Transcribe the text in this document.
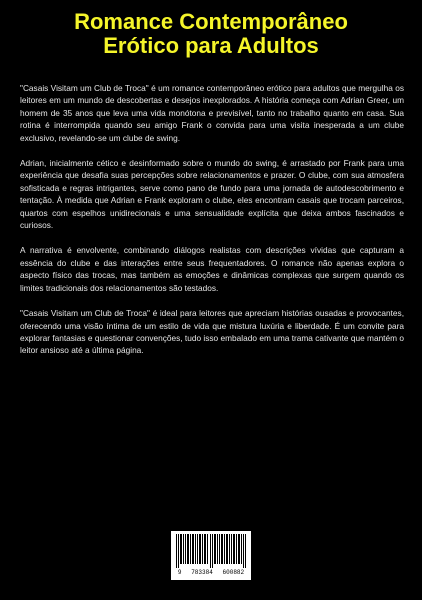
Romance Contemporâneo
Erótico para Adultos

"Casais Visitam um Club de Troca" é um romance contemporâneo erótico para adultos que mergulha os leitores em um mundo de descobertas e desejos inexplorados. A história começa com Adrian Greer, um homem de 35 anos que leva uma vida monótona e previsível, tanto no trabalho quanto em casa. Sua rotina é interrompida quando seu amigo Frank o convida para uma visita inesperada a um clube exclusivo, revelando-se um clube de swing.

Adrian, inicialmente cético e desinformado sobre o mundo do swing, é arrastado por Frank para uma experiência que desafia suas percepções sobre relacionamentos e prazer. O clube, com sua atmosfera sofisticada e regras intrigantes, serve como pano de fundo para uma jornada de autodescobrimento e tentação. À medida que Adrian e Frank exploram o clube, eles encontram casais que trocam parceiros, quartos com espelhos unidirecionais e uma sensualidade explícita que deixa ambos fascinados e curiosos.

A narrativa é envolvente, combinando diálogos realistas com descrições vívidas que capturam a essência do clube e das interações entre seus frequentadores. O romance não apenas explora o aspecto físico das trocas, mas também as emoções e dinâmicas complexas que surgem quando os limites tradicionais dos relacionamentos são testados.

"Casais Visitam um Club de Troca" é ideal para leitores que apreciam histórias ousadas e provocantes, oferecendo uma visão íntima de um estilo de vida que mistura luxúria e liberdade. É um convite para explorar fantasias e questionar convenções, tudo isso embalado em uma trama cativante que mantém o leitor ansioso até a última página.

9 783384 600882
